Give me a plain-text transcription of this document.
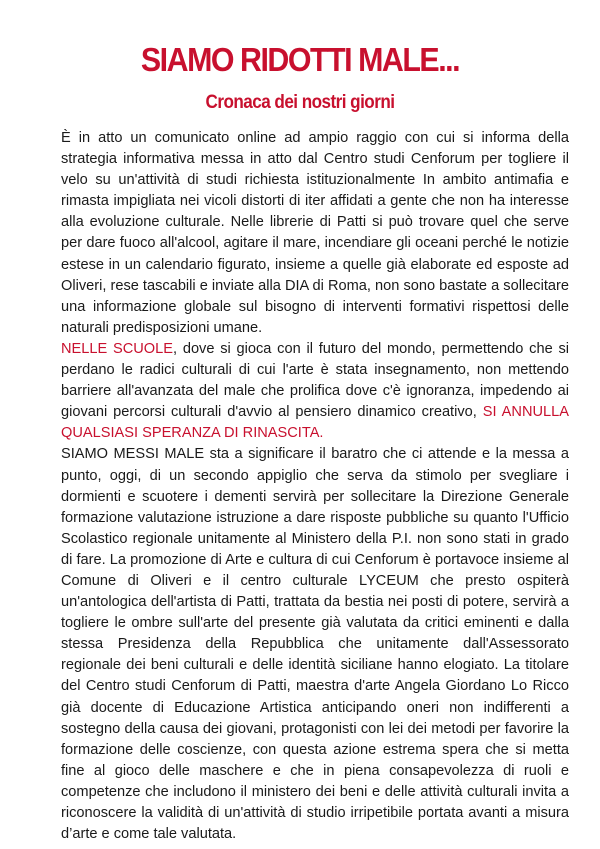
SIAMO RIDOTTI MALE...
Cronaca dei nostri giorni

È in atto un comunicato online ad ampio raggio con cui si informa della strategia informativa messa in atto dal Centro studi Cenforum per togliere il velo su un'attività di studi richiesta istituzionalmente In ambito antimafia e rimasta impigliata nei vicoli distorti di iter affidati a gente che non ha interesse alla evoluzione culturale. Nelle librerie di Patti si può trovare quel che serve per dare fuoco all'alcool, agitare il mare, incendiare gli oceani perché le notizie estese in un calendario figurato, insieme a quelle già elaborate ed esposte ad Oliveri, rese tascabili e inviate alla DIA di Roma, non sono bastate a sollecitare una informazione globale sul bisogno di interventi formativi rispettosi delle naturali predisposizioni umane.

NELLE SCUOLE, dove si gioca con il futuro del mondo, permettendo che si perdano le radici culturali di cui l'arte è stata insegnamento, non mettendo barriere all'avanzata del male che prolifica dove c'è ignoranza, impedendo ai giovani percorsi culturali d'avvio al pensiero dinamico creativo, SI ANNULLA QUALSIASI SPERANZA DI RINASCITA.

SIAMO MESSI MALE sta a significare il baratro che ci attende e la messa a punto, oggi, di un secondo appiglio che serva da stimolo per svegliare i dormienti e scuotere i dementi servirà per sollecitare la Direzione Generale formazione valutazione istruzione a dare risposte pubbliche su quanto l'Ufficio Scolastico regionale unitamente al Ministero della P.I. non sono stati in grado di fare. La promozione di Arte e cultura di cui Cenforum è portavoce insieme al Comune di Oliveri e il centro culturale LYCEUM che presto ospiterà un'antologica dell'artista di Patti, trattata da bestia nei posti di potere, servirà a togliere le ombre sull'arte del presente già valutata da critici eminenti e dalla stessa Presidenza della Repubblica che unitamente dall'Assessorato regionale dei beni culturali e delle identità siciliane hanno elogiato. La titolare del Centro studi Cenforum di Patti, maestra d'arte Angela Giordano Lo Ricco già docente di Educazione Artistica anticipando oneri non indifferenti a sostegno della causa dei giovani, protagonisti con lei dei metodi per favorire la formazione delle coscienze, con questa azione estrema spera che si metta fine al gioco delle maschere e che in piena consapevolezza di ruoli e competenze che includono il ministero dei beni e delle attività culturali invita a riconoscere la validità di un'attività di studio irripetibile portata avanti a misura d’arte e come tale valutata.
